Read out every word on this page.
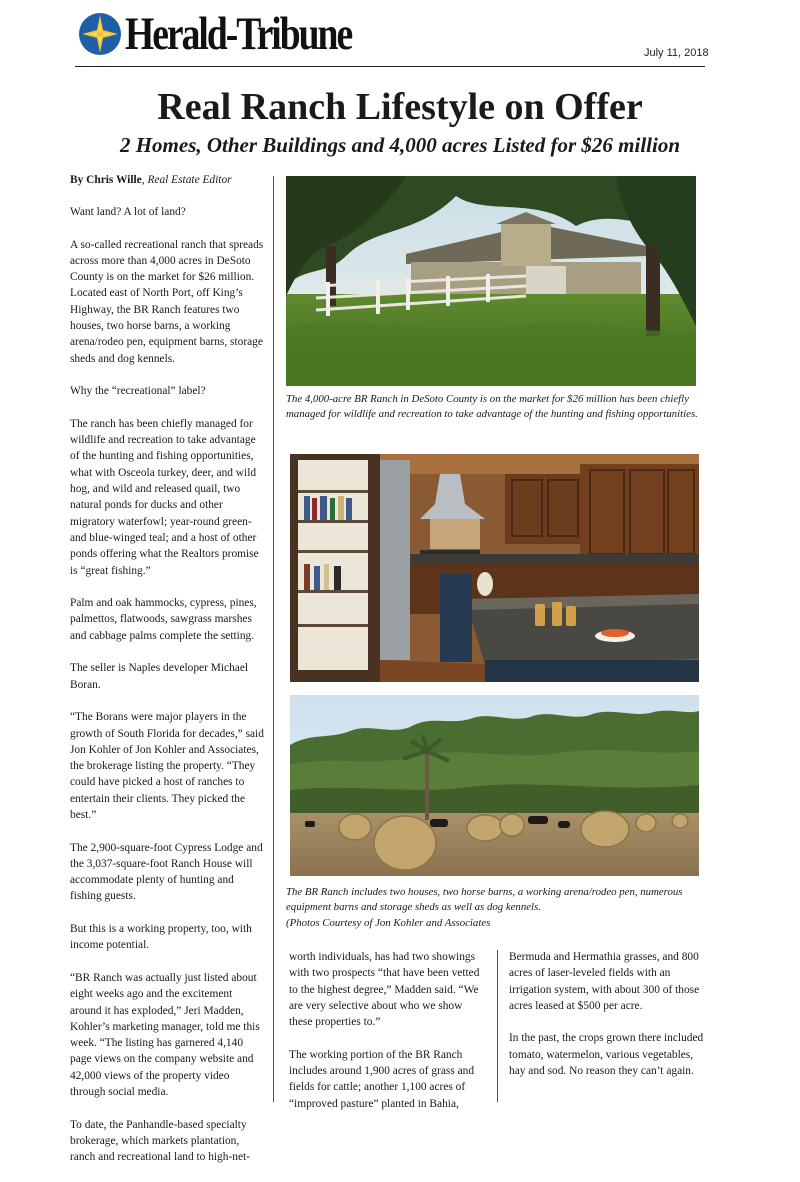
Herald-Tribune	July 11, 2018
Real Ranch Lifestyle on Offer
2 Homes, Other Buildings and 4,000 acres Listed for $26 million
By Chris Wille, Real Estate Editor

Want land? A lot of land?

A so-called recreational ranch that spreads across more than 4,000 acres in DeSoto County is on the market for $26 million. Located east of North Port, off King’s Highway, the BR Ranch features two houses, two horse barns, a working arena/rodeo pen, equipment barns, storage sheds and dog kennels.

Why the “recreational” label?

The ranch has been chiefly managed for wildlife and recreation to take advantage of the hunting and fishing opportunities, what with Osceola turkey, deer, and wild hog, and wild and released quail, two natural ponds for ducks and other migratory waterfowl; year-round green- and blue-winged teal; and a host of other ponds offering what the Realtors promise is “great fishing.”

Palm and oak hammocks, cypress, pines, palmettos, flatwoods, sawgrass marshes and cabbage palms complete the setting.

The seller is Naples developer Michael Boran.

“The Borans were major players in the growth of South Florida for decades,” said Jon Kohler of Jon Kohler and Associates, the brokerage listing the property. “They could have picked a host of ranches to entertain their clients. They picked the best.”

The 2,900-square-foot Cypress Lodge and the 3,037-square-foot Ranch House will accommodate plenty of hunting and fishing guests.

But this is a working property, too, with income potential.

“BR Ranch was actually just listed about eight weeks ago and the excitement around it has exploded,” Jeri Madden, Kohler’s marketing manager, told me this week. “The listing has garnered 4,140 page views on the company website and 42,000 views of the property video through social media.

To date, the Panhandle-based specialty brokerage, which markets plantation, ranch and recreational land to high-net-

The 4,000-acre BR Ranch in DeSoto County is on the market for $26 million has been chiefly managed for wildlife and recreation to take advantage of the hunting and fishing opportunities.
The BR Ranch includes two houses, two horse barns, a working arena/rodeo pen, numerous equipment barns and storage sheds as well as dog kennels.
(Photos Courtesy of Jon Kohler and Associates

worth individuals, has had two showings with two prospects “that have been vetted to the highest degree,” Madden said. “We are very selective about who we show these properties to.”

The working portion of the BR Ranch includes around 1,900 acres of grass and fields for cattle; another 1,100 acres of “improved pasture” planted in Bahia,

Bermuda and Hermathia grasses, and 800 acres of laser-leveled fields with an irrigation system, with about 300 of those acres leased at $500 per acre.

In the past, the crops grown there included tomato, watermelon, various vegetables, hay and sod. No reason they can’t again.
